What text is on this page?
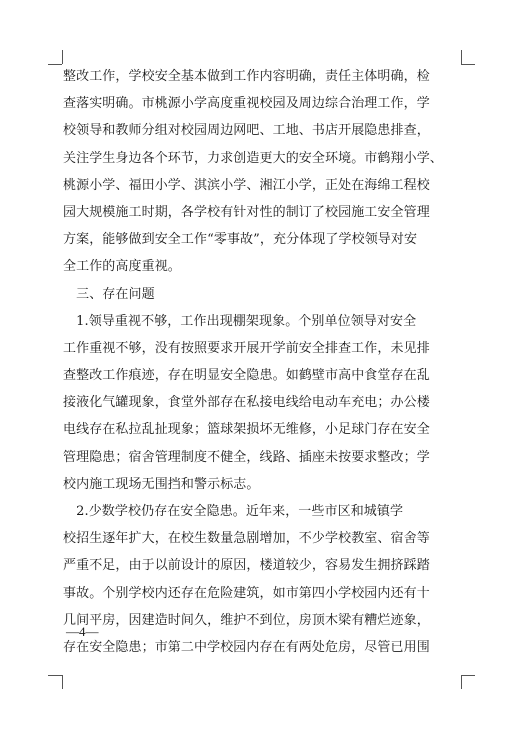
整改工作，学校安全基本做到工作内容明确，责任主体明确，检
查落实明确。市桃源小学高度重视校园及周边综合治理工作，学
校领导和教师分组对校园周边网吧、工地、书店开展隐患排查，
关注学生身边各个环节，力求创造更大的安全环境。市鹤翔小学、
桃源小学、福田小学、淇滨小学、湘江小学，正处在海绵工程校
园大规模施工时期，各学校有针对性的制订了校园施工安全管理
方案，能够做到安全工作“零事故”，充分体现了学校领导对安
全工作的高度重视。
　三、存在问题
　1.领导重视不够，工作出现棚架现象。个别单位领导对安全
工作重视不够，没有按照要求开展开学前安全排查工作，未见排
查整改工作痕迹，存在明显安全隐患。如鹤壁市高中食堂存在乱
接液化气罐现象，食堂外部存在私接电线给电动车充电；办公楼
电线存在私拉乱扯现象；篮球架损坏无维修，小足球门存在安全
管理隐患；宿舍管理制度不健全，线路、插座未按要求整改；学
校内施工现场无围挡和警示标志。
　2.少数学校仍存在安全隐患。近年来，一些市区和城镇学
校招生逐年扩大，在校生数量急剧增加，不少学校教室、宿舍等
严重不足，由于以前设计的原因，楼道较少，容易发生拥挤踩踏
事故。个别学校内还存在危险建筑，如市第四小学校园内还有十
几间平房，因建造时间久，维护不到位，房顶木梁有糟烂迹象，
存在安全隐患；市第二中学校园内存在有两处危房，尽管已用围
—4—
